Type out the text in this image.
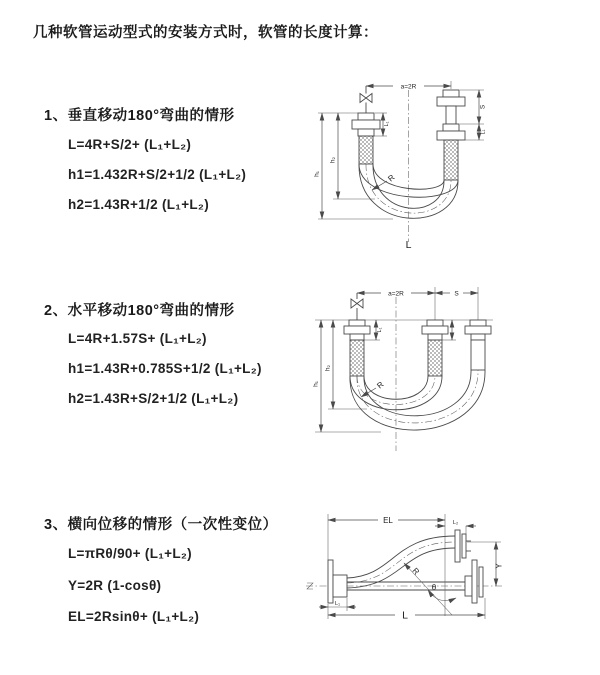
几种软管运动型式的安装方式时，软管的长度计算：
1、垂直移动180°弯曲的情形
L=4R+S/2+ (L₁+L₂)
h1=1.432R+S/2+1/2 (L₁+L₂)
h2=1.43R+1/2 (L₁+L₂)
2、水平移动180°弯曲的情形
L=4R+1.57S+ (L₁+L₂)
h1=1.43R+0.785S+1/2 (L₁+L₂)
h2=1.43R+S/2+1/2 (L₁+L₂)
3、横向位移的情形（一次性变位）
L=πRθ/90+ (L₁+L₂)
Y=2R (1-cosθ)
EL=2Rsinθ+ (L₁+L₂)
a=2R
L₁
S
L₁
h₁
h₂
R
L
a=2R	S
L₁
h₁
h₂
R
EL	L₂
Y
R
θ
L₁
L
